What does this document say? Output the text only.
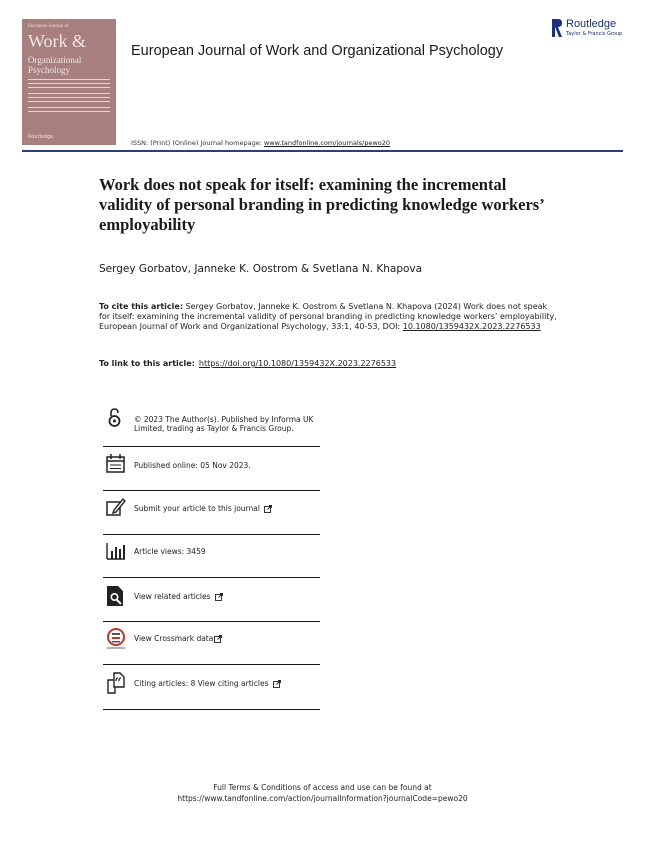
European Journal of
Work &
Organizational Psychology
Routledge
European Journal of Work and Organizational Psychology
Routledge
Taylor & Francis Group
ISSN: (Print) (Online) Journal homepage: www.tandfonline.com/journals/pewo20
Work does not speak for itself: examining the incremental validity of personal branding in predicting knowledge workers’ employability
Sergey Gorbatov, Janneke K. Oostrom & Svetlana N. Khapova
To cite this article: Sergey Gorbatov, Janneke K. Oostrom & Svetlana N. Khapova (2024) Work does not speak for itself: examining the incremental validity of personal branding in predicting knowledge workers’ employability, European Journal of Work and Organizational Psychology, 33:1, 40-53, DOI: 10.1080/1359432X.2023.2276533
To link to this article: https://doi.org/10.1080/1359432X.2023.2276533
© 2023 The Author(s). Published by Informa UK Limited, trading as Taylor & Francis Group.
Published online: 05 Nov 2023.
Submit your article to this journal
Article views: 3459
View related articles
View Crossmark data
Citing articles: 8 View citing articles
Full Terms & Conditions of access and use can be found at
https://www.tandfonline.com/action/journalInformation?journalCode=pewo20
